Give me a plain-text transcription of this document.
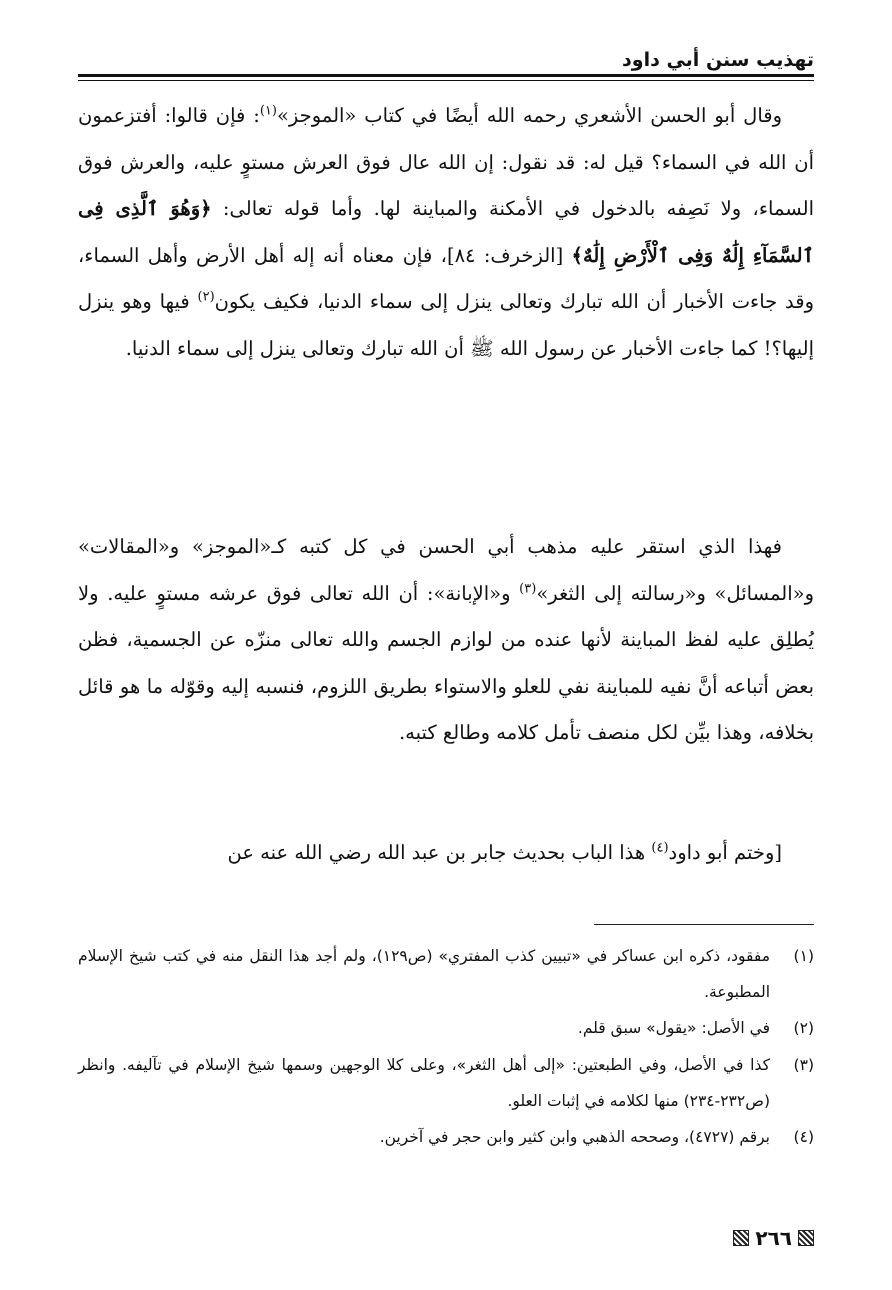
تهذيب سنن أبي داود

وقال أبو الحسن الأشعري رحمه الله أيضًا في كتاب «الموجز»$^{(١)}$: فإن قالوا: أفتزعمون أن الله في السماء؟ قيل له: قد نقول: إن الله عال فوق العرش مستوٍ عليه، والعرش فوق السماء، ولا نَصِفه بالدخول في الأمكنة والمباينة لها. وأما قوله تعالى: ﴿وَهُوَ ٱلَّذِى فِى ٱلسَّمَآءِ إِلَٰهٌ وَفِى ٱلْأَرْضِ إِلَٰهٌ﴾ [الزخرف: ٨٤]، فإن معناه أنه إله أهل الأرض وأهل السماء، وقد جاءت الأخبار أن الله تبارك وتعالى ينزل إلى سماء الدنيا، فكيف يكون$^{(٢)}$ فيها وهو ينزل إليها؟! كما جاءت الأخبار عن رسول الله ﷺ أن الله تبارك وتعالى ينزل إلى سماء الدنيا.

فهذا الذي استقر عليه مذهب أبي الحسن في كل كتبه كـ«الموجز» و«المقالات» و«المسائل» و«رسالته إلى الثغر»$^{(٣)}$ و«الإبانة»: أن الله تعالى فوق عرشه مستوٍ عليه. ولا يُطلِق عليه لفظ المباينة لأنها عنده من لوازم الجسم والله تعالى منزّه عن الجسمية، فظن بعض أتباعه أنَّ نفيه للمباينة نفي للعلو والاستواء بطريق اللزوم، فنسبه إليه وقوّله ما هو قائل بخلافه، وهذا بيِّن لكل منصف تأمل كلامه وطالع كتبه.

[وختم أبو داود$^{(٤)}$ هذا الباب بحديث جابر بن عبد الله رضي الله عنه عن

(١)
مفقود، ذكره ابن عساكر في «تبيين كذب المفتري» (ص١٢٩)، ولم أجد هذا النقل منه في كتب شيخ الإسلام المطبوعة.
(٢)
في الأصل: «يقول» سبق قلم.
(٣)
كذا في الأصل، وفي الطبعتين: «إلى أهل الثغر»، وعلى كلا الوجهين وسمها شيخ الإسلام في تآليفه. وانظر (ص٢٣٢-٢٣٤) منها لكلامه في إثبات العلو.
(٤)
برقم (٤٧٢٧)، وصححه الذهبي وابن كثير وابن حجر في آخرين.
٢٦٦
